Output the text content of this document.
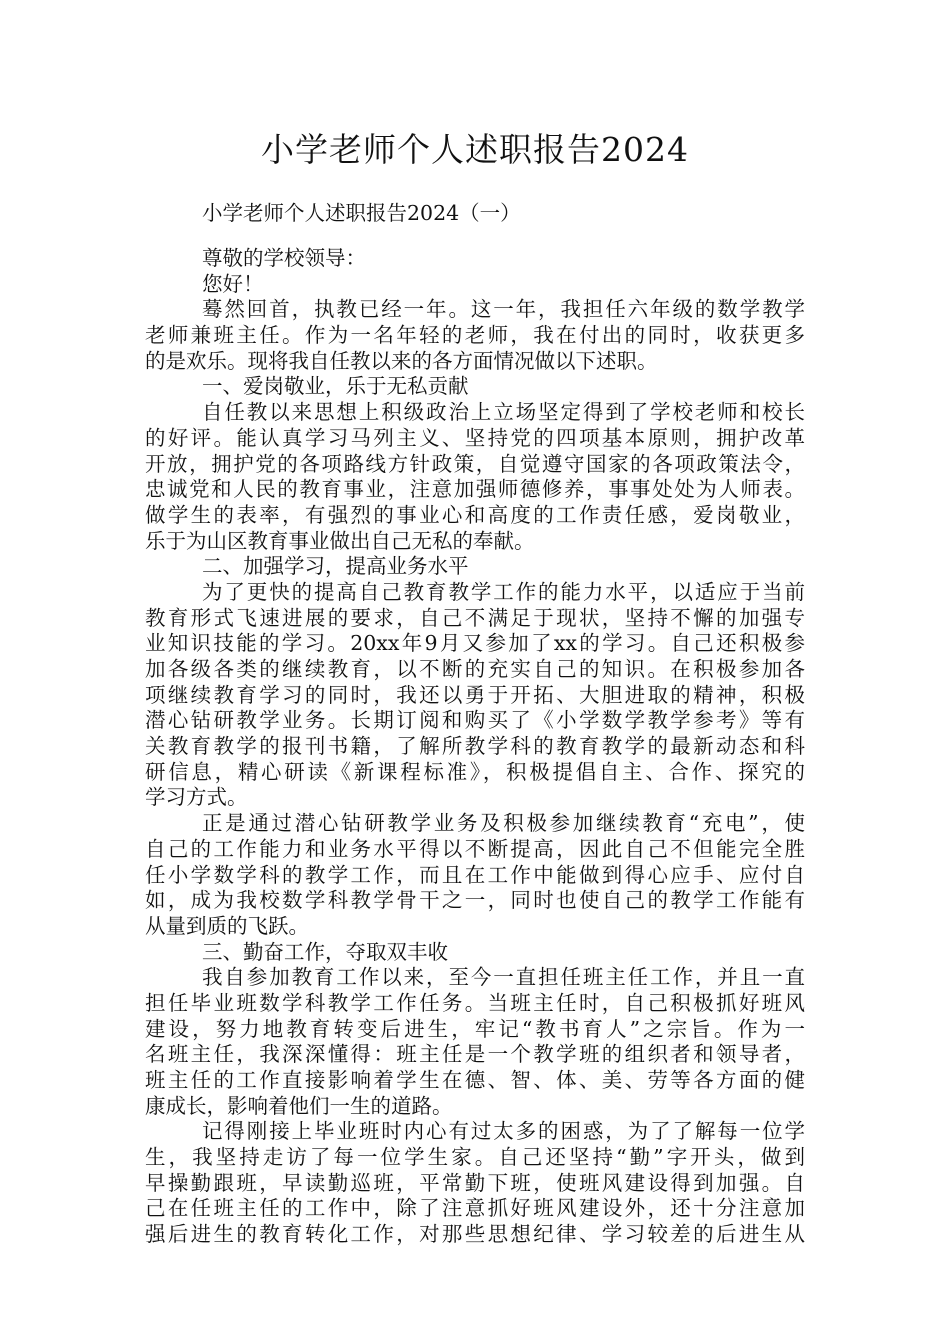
小学老师个人述职报告2024
小学老师个人述职报告2024（一）
尊敬的学校领导：
您好！
蓦然回首，执教已经一年。这一年，我担任六年级的数学教学
老师兼班主任。作为一名年轻的老师，我在付出的同时，收获更多
的是欢乐。现将我自任教以来的各方面情况做以下述职。
一、爱岗敬业，乐于无私贡献
自任教以来思想上积级政治上立场坚定得到了学校老师和校长
的好评。能认真学习马列主义、坚持党的四项基本原则，拥护改革
开放，拥护党的各项路线方针政策，自觉遵守国家的各项政策法令，
忠诚党和人民的教育事业，注意加强师德修养，事事处处为人师表。
做学生的表率，有强烈的事业心和高度的工作责任感，爱岗敬业，
乐于为山区教育事业做出自己无私的奉献。
二、加强学习，提高业务水平
为了更快的提高自己教育教学工作的能力水平，以适应于当前
教育形式飞速进展的要求，自己不满足于现状，坚持不懈的加强专
业知识技能的学习。20xx年9月又参加了xx的学习。自己还积极参
加各级各类的继续教育，以不断的充实自己的知识。在积极参加各
项继续教育学习的同时，我还以勇于开拓、大胆进取的精神，积极
潜心钻研教学业务。长期订阅和购买了《小学数学教学参考》等有
关教育教学的报刊书籍，了解所教学科的教育教学的最新动态和科
研信息，精心研读《新课程标准》，积极提倡自主、合作、探究的
学习方式。
正是通过潜心钻研教学业务及积极参加继续教育“充电”，使
自己的工作能力和业务水平得以不断提高，因此自己不但能完全胜
任小学数学科的教学工作，而且在工作中能做到得心应手、应付自
如，成为我校数学科教学骨干之一，同时也使自己的教学工作能有
从量到质的飞跃。
三、勤奋工作，夺取双丰收
我自参加教育工作以来，至今一直担任班主任工作，并且一直
担任毕业班数学科教学工作任务。当班主任时，自己积极抓好班风
建设，努力地教育转变后进生，牢记“教书育人”之宗旨。作为一
名班主任，我深深懂得：班主任是一个教学班的组织者和领导者，
班主任的工作直接影响着学生在德、智、体、美、劳等各方面的健
康成长，影响着他们一生的道路。
记得刚接上毕业班时内心有过太多的困惑，为了了解每一位学
生，我坚持走访了每一位学生家。自己还坚持“勤”字开头，做到
早操勤跟班，早读勤巡班，平常勤下班，使班风建设得到加强。自
己在任班主任的工作中，除了注意抓好班风建设外，还十分注意加
强后进生的教育转化工作，对那些思想纪律、学习较差的后进生从
